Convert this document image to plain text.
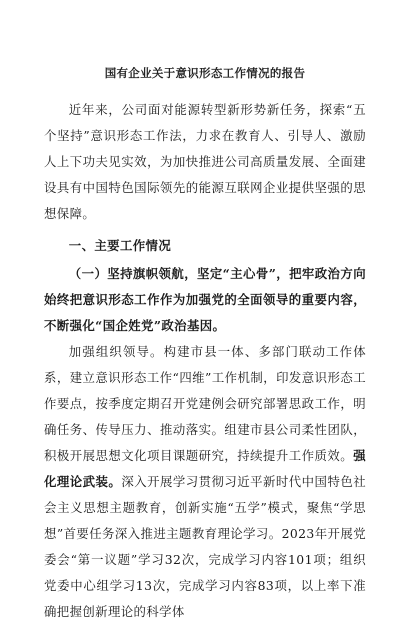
国有企业关于意识形态工作情况的报告

近年来，公司面对能源转型新形势新任务，探索“五个坚持”意识形态工作法，力求在教育人、引导人、激励人上下功夫见实效，为加快推进公司高质量发展、全面建设具有中国特色国际领先的能源互联网企业提供坚强的思想保障。

一、主要工作情况

（一）坚持旗帜领航，坚定“主心骨”，把牢政治方向始终把意识形态工作作为加强党的全面领导的重要内容，不断强化“国企姓党”政治基因。

加强组织领导。构建市县一体、多部门联动工作体系，建立意识形态工作“四维”工作机制，印发意识形态工作要点，按季度定期召开党建例会研究部署思政工作，明确任务、传导压力、推动落实。组建市县公司柔性团队，积极开展思想文化项目课题研究，持续提升工作质效。强化理论武装。深入开展学习贯彻习近平新时代中国特色社会主义思想主题教育，创新实施“五学”模式，聚焦“学思想”首要任务深入推进主题教育理论学习。2023年开展党委会“第一议题”学习32次，完成学习内容101项；组织党委中心组学习13次，完成学习内容83项，以上率下准确把握创新理论的科学体
